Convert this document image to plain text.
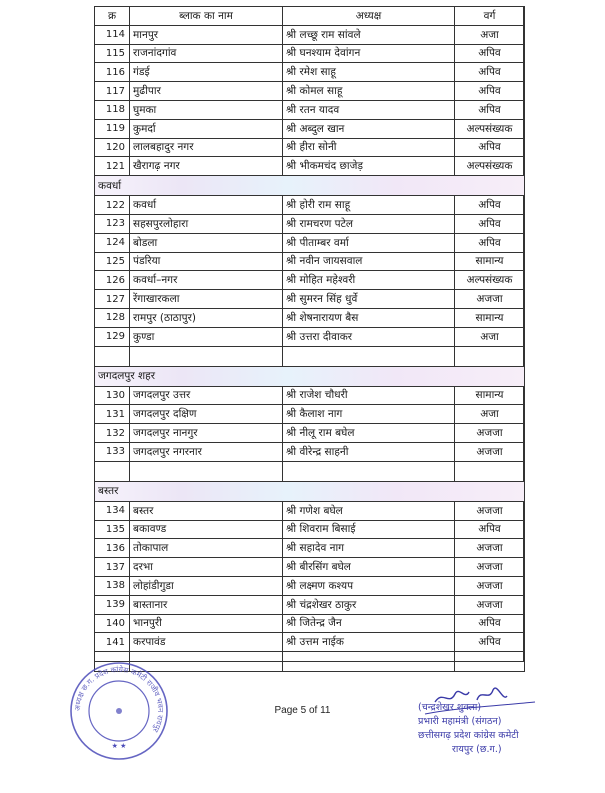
क्र	ब्लाक का नाम	अध्यक्ष	वर्ग
114	मानपुर	श्री लच्छू राम सांवले	अजा
115	राजनांदगांव	श्री घनश्याम देवांगन	अपिव
116	गंडई	श्री रमेश साहू	अपिव
117	मुढीपार	श्री कोमल साहू	अपिव
118	घुमका	श्री रतन यादव	अपिव
119	कुमर्दा	श्री अब्दुल खान	अल्पसंख्यक
120	लालबहादुर नगर	श्री हीरा सोनी	अपिव
121	खैरागढ़ नगर	श्री भीकमचंद छाजेड़	अल्पसंख्यक
कवर्धा			
122	कवर्धा	श्री होरी राम साहू	अपिव
123	सहसपुरलोहारा	श्री रामचरण पटेल	अपिव
124	बोडला	श्री पीताम्बर वर्मा	अपिव
125	पंडरिया	श्री नवीन जायसवाल	सामान्य
126	कवर्धा–नगर	श्री मोहित महेश्वरी	अल्पसंख्यक
127	रेंगाखारकला	श्री सुमरन सिंह धुर्वे	अजजा
128	रामपुर (ठाठापुर)	श्री शेषनारायण बैस	सामान्य
129	कुण्डा	श्री उत्तरा दीवाकर	अजा

जगदलपुर शहर			
130	जगदलपुर उत्तर	श्री राजेश चौधरी	सामान्य
131	जगदलपुर दक्षिण	श्री कैलाश नाग	अजा
132	जगदलपुर नानगुर	श्री नीलू राम बघेल	अजजा
133	जगदलपुर नगरनार	श्री वीरेन्द्र साहनी	अजजा

बस्तर			
134	बस्तर	श्री गणेश बघेल	अजजा
135	बकावण्ड	श्री शिवराम बिसाई	अपिव
136	तोकापाल	श्री सहादेव नाग	अजजा
137	दरभा	श्री बीरसिंग बघेल	अजजा
138	लोहांडीगुडा	श्री लक्ष्मण कश्यप	अजजा
139	बास्तानार	श्री चंद्रशेखर ठाकुर	अजजा
140	भानपुरी	श्री जितेन्द्र जैन	अपिव
141	करपावंड	श्री उत्तम नाईक	अपिव

Page 5 of 11
अध्यक्ष छ.ग. प्रदेश कांग्रेस कमेटी राजीव भवन रायपुर
★ ★
(चन्द्रशेखर शुक्ला)
प्रभारी महामंत्री (संगठन)
छत्तीसगढ़ प्रदेश कांग्रेस कमेटी
रायपुर (छ.ग.)
